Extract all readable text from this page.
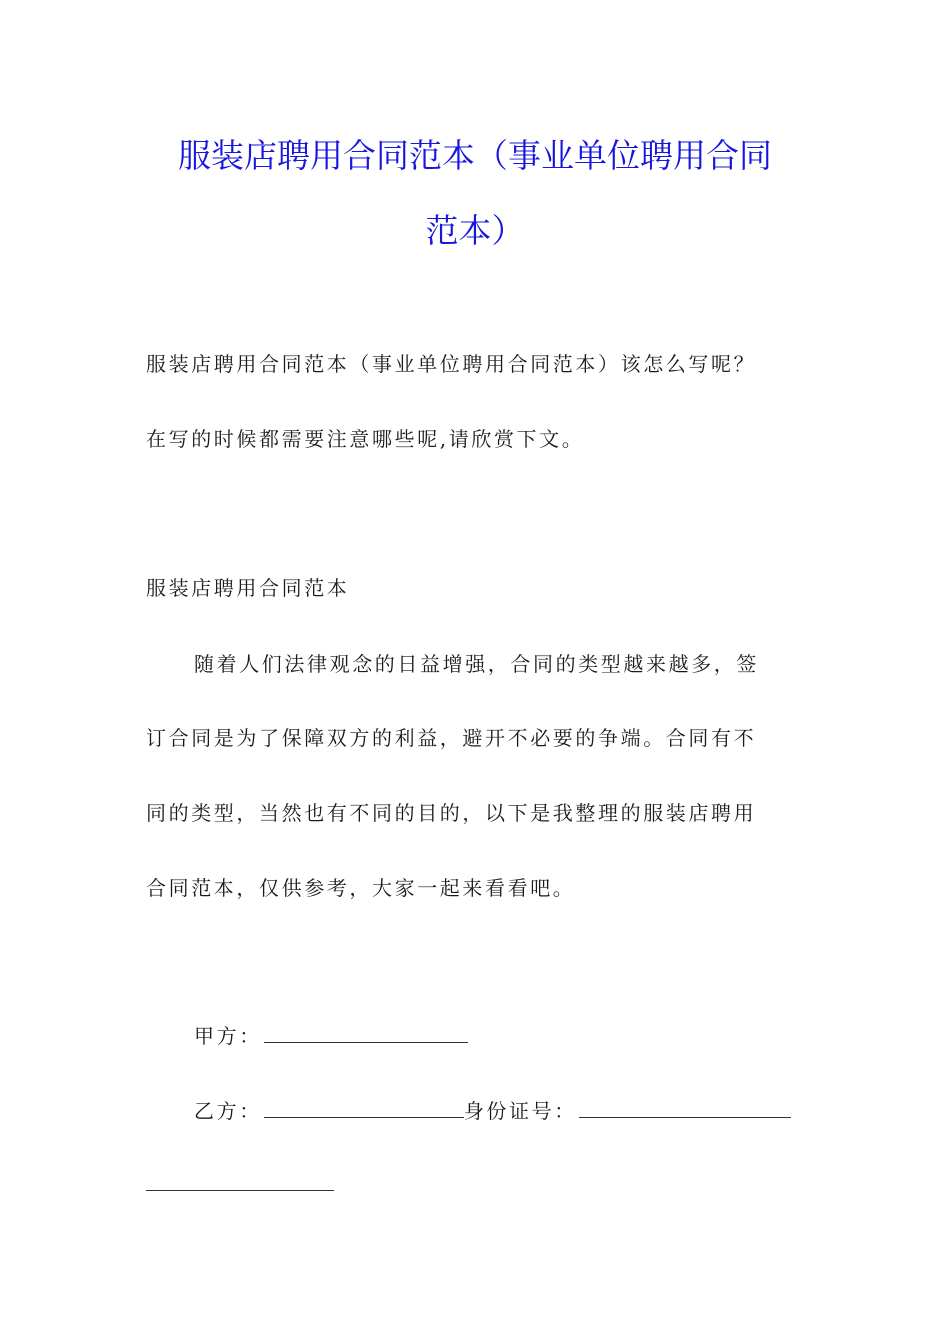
服装店聘用合同范本（事业单位聘用合同
范本）
服装店聘用合同范本（事业单位聘用合同范本）该怎么写呢？
在写的时候都需要注意哪些呢,请欣赏下文。
服装店聘用合同范本
随着人们法律观念的日益增强，合同的类型越来越多，签
订合同是为了保障双方的利益，避开不必要的争端。合同有不
同的类型，当然也有不同的目的，以下是我整理的服装店聘用
合同范本，仅供参考，大家一起来看看吧。
甲方：
乙方：	身份证号：
